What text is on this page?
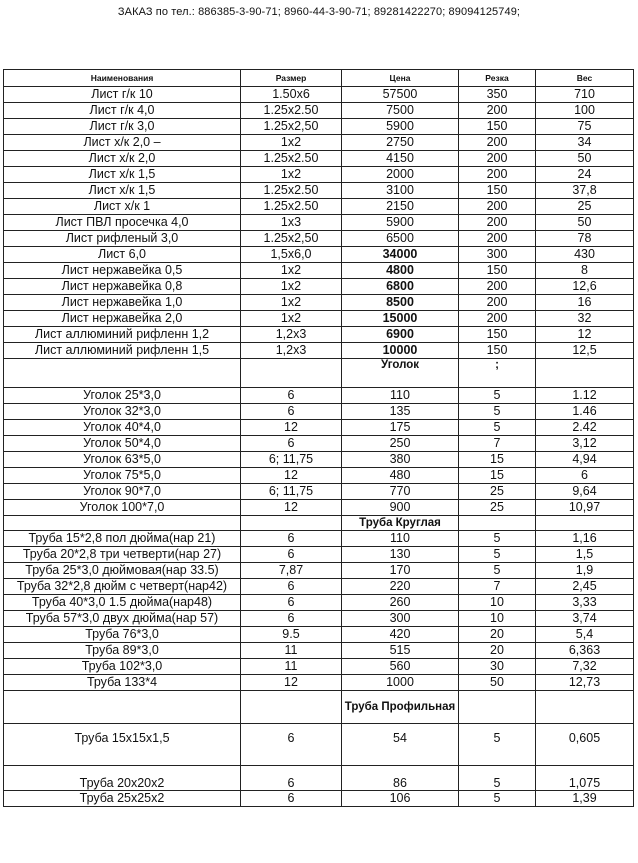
ЗАКАЗ по тел.: 886385-3-90-71; 8960-44-3-90-71; 89281422270; 89094125749;
Наименования	Размер	Цена	Резка	Вес
Лист г/к 10	1.50х6	57500	350	710
Лист г/к 4,0	1.25х2.50	7500	200	100
Лист г/к 3,0	1.25х2,50	5900	150	75
Лист х/к 2,0 –	1х2	2750	200	34
Лист х/к 2,0	1.25х2.50	4150	200	50
Лист х/к 1,5	1х2	2000	200	24
Лист х/к 1,5	1.25х2.50	3100	150	37,8
Лист х/к 1	1.25х2.50	2150	200	25
Лист ПВЛ просечка 4,0	1х3	5900	200	50
Лист рифленый 3,0	1.25х2,50	6500	200	78
Лист 6,0	1,5х6,0	34000	300	430
Лист нержавейка 0,5	1х2	4800	150	8
Лист нержавейка 0,8	1х2	6800	200	12,6
Лист нержавейка 1,0	1х2	8500	200	16
Лист нержавейка 2,0	1х2	15000	200	32
Лист аллюминий рифленн 1,2	1,2х3	6900	150	12
Лист аллюминий рифленн 1,5	1,2х3	10000	150	12,5
		Уголок	;	
Уголок 25*3,0	6	110	5	1.12
Уголок 32*3,0	6	135	5	1.46
Уголок 40*4,0	12	175	5	2.42
Уголок 50*4,0	6	250	7	3,12
Уголок 63*5,0	6; 11,75	380	15	4,94
Уголок 75*5,0	12	480	15	6
Уголок 90*7,0	6; 11,75	770	25	9,64
Уголок 100*7,0	12	900	25	10,97
		Труба Круглая		
Труба 15*2,8 пол дюйма(нар 21)	6	110	5	1,16
Труба 20*2,8 три четверти(нар 27)	6	130	5	1,5
Труба 25*3,0 дюймовая(нар 33.5)	7,87	170	5	1,9
Труба 32*2,8 дюйм с четверт(нар42)	6	220	7	2,45
Труба 40*3,0 1.5 дюйма(нар48)	6	260	10	3,33
Труба 57*3,0 двух дюйма(нар 57)	6	300	10	3,74
Труба 76*3,0	9.5	420	20	5,4
Труба 89*3,0	11	515	20	6,363
Труба 102*3,0	11	560	30	7,32
Труба 133*4	12	1000	50	12,73
		Труба Профильная		
Труба 15х15х1,5	6	54	5	0,605
Труба 20х20х2	6	86	5	1,075
Труба 25х25х2	6	106	5	1,39
